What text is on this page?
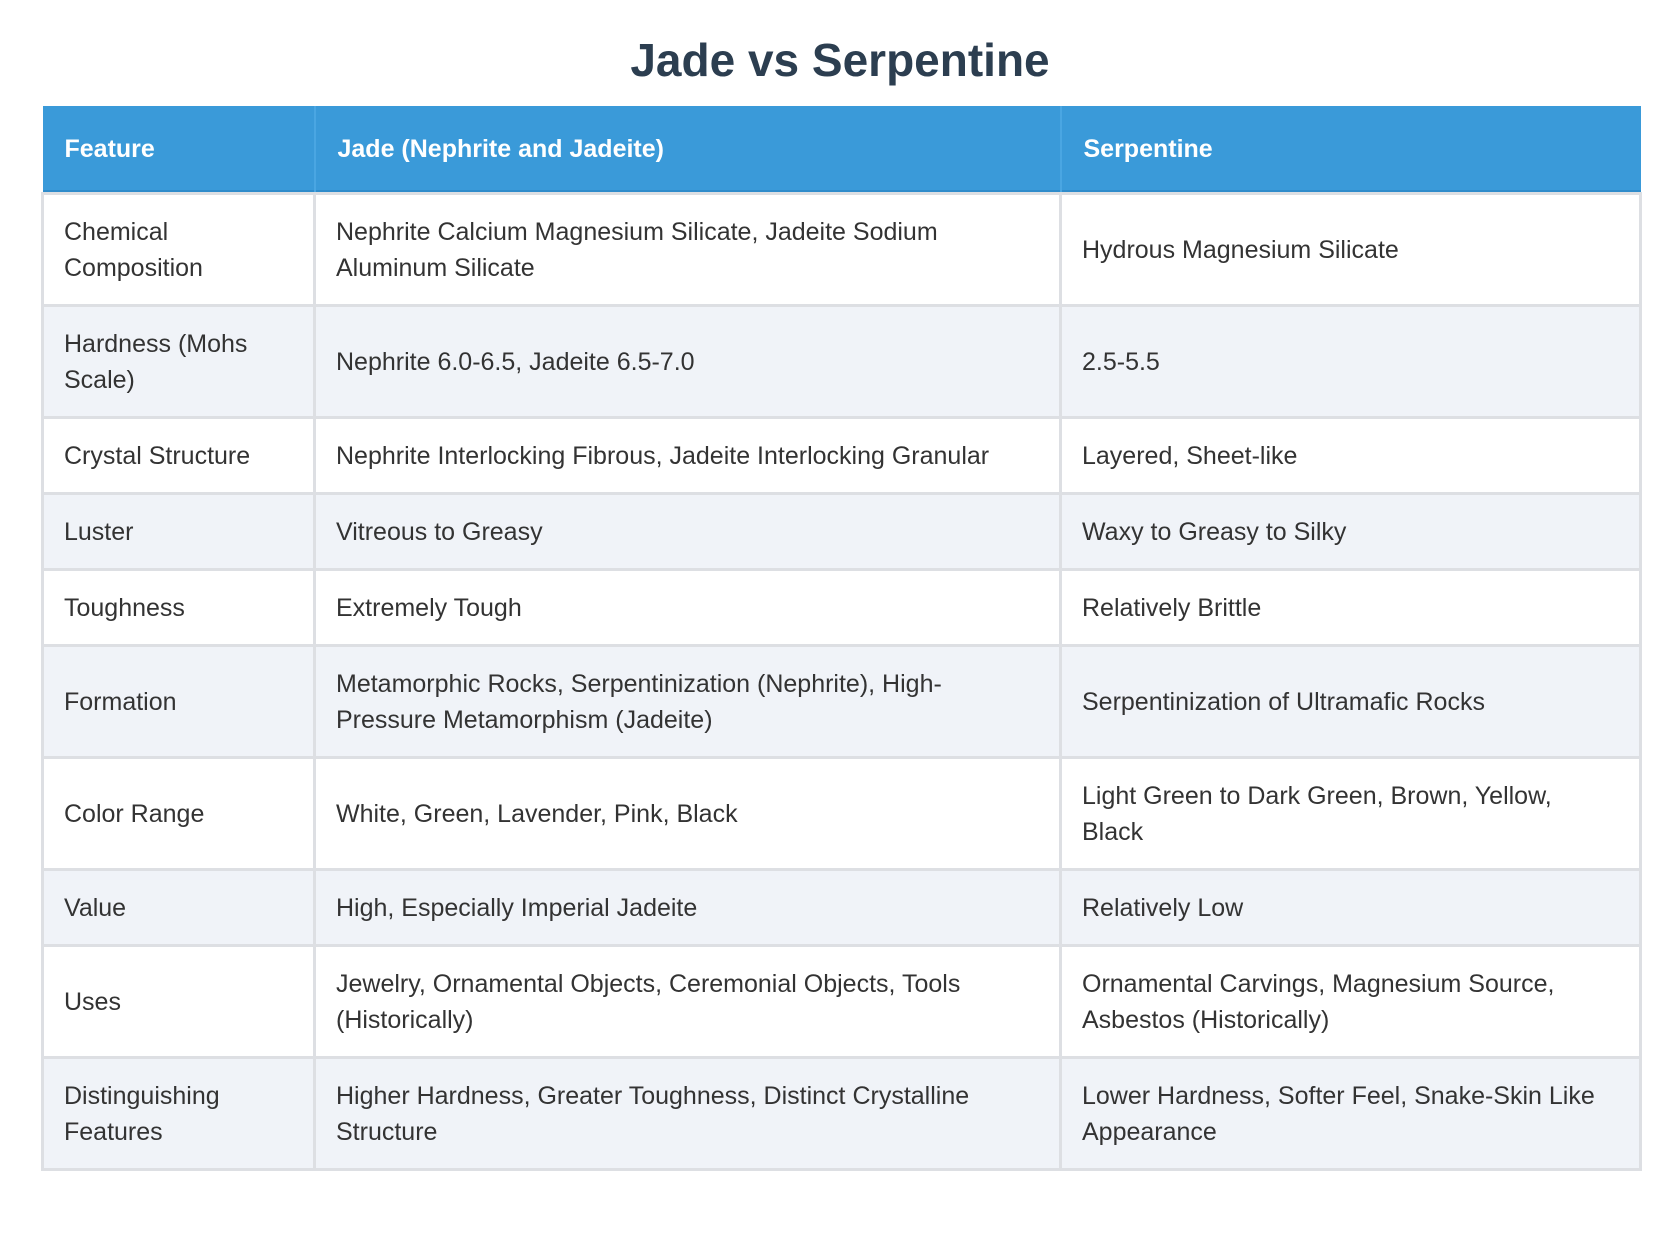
Jade vs Serpentine
Feature	Jade (Nephrite and Jadeite)	Serpentine
Chemical Composition	Nephrite Calcium Magnesium Silicate, Jadeite Sodium Aluminum Silicate	Hydrous Magnesium Silicate
Hardness (Mohs Scale)	Nephrite 6.0-6.5, Jadeite 6.5-7.0	2.5-5.5
Crystal Structure	Nephrite Interlocking Fibrous, Jadeite Interlocking Granular	Layered, Sheet-like
Luster	Vitreous to Greasy	Waxy to Greasy to Silky
Toughness	Extremely Tough	Relatively Brittle
Formation	Metamorphic Rocks, Serpentinization (Nephrite), High-Pressure Metamorphism (Jadeite)	Serpentinization of Ultramafic Rocks
Color Range	White, Green, Lavender, Pink, Black	Light Green to Dark Green, Brown, Yellow, Black
Value	High, Especially Imperial Jadeite	Relatively Low
Uses	Jewelry, Ornamental Objects, Ceremonial Objects, Tools (Historically)	Ornamental Carvings, Magnesium Source, Asbestos (Historically)
Distinguishing Features	Higher Hardness, Greater Toughness, Distinct Crystalline Structure	Lower Hardness, Softer Feel, Snake-Skin Like Appearance
